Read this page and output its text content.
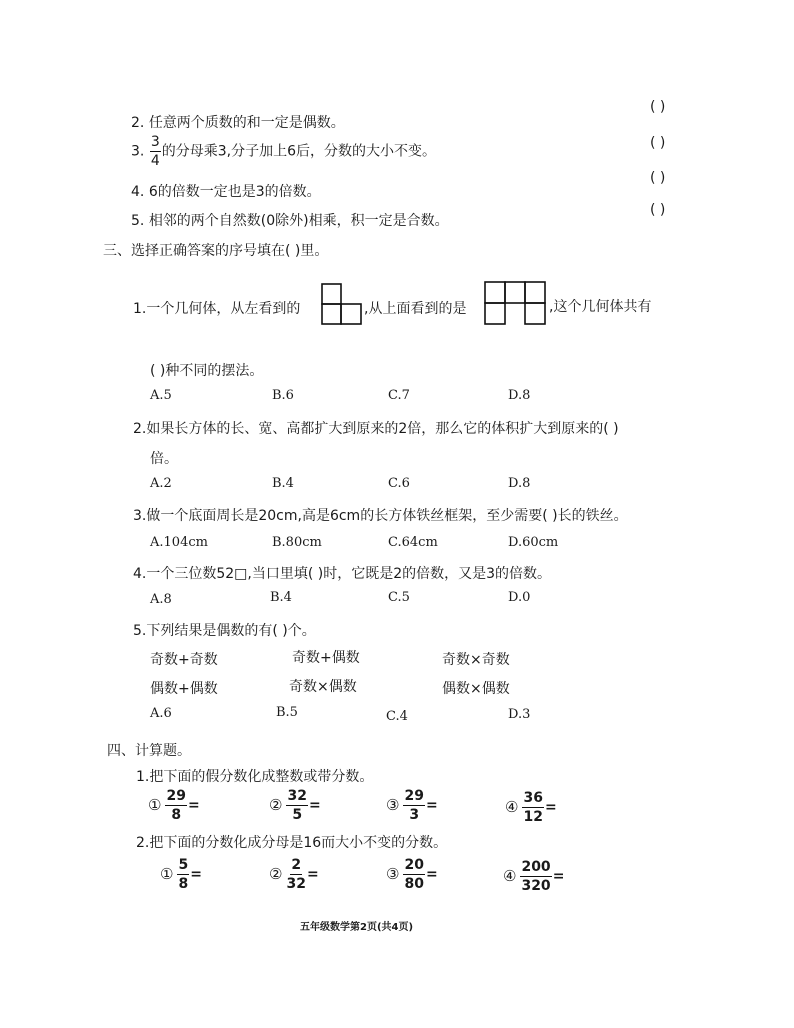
2. 任意两个质数的和一定是偶数。
( )
3. $\frac{3}{4}$ 的分母乘3,分子加上6后，分数的大小不变。
( )
4. 6的倍数一定也是3的倍数。
( )
5. 相邻的两个自然数(0除外)相乘，积一定是合数。
( )
三、选择正确答案的序号填在( )里。
1.一个几何体，从左看到的	,从上面看到的是	,这个几何体共有
( )种不同的摆法。
A.5	B.6	C.7	D.8
2.如果长方体的长、宽、高都扩大到原来的2倍，那么它的体积扩大到原来的( )
倍。
A.2	B.4	C.6	D.8
3.做一个底面周长是20cm,高是6cm的长方体铁丝框架，至少需要( )长的铁丝。
A.104cm	B.80cm	C.64cm	D.60cm
4.一个三位数52□,当口里填( )时，它既是2的倍数，又是3的倍数。
A.8	B.4	C.5	D.0
5.下列结果是偶数的有( )个。
奇数+奇数	奇数+偶数	奇数×奇数
偶数+偶数	奇数×偶数	偶数×偶数
A.6	B.5	C.4	D.3
四、计算题。
1.把下面的假分数化成整数或带分数。
① $\frac{29}{8}$ =	② $\frac{32}{5}$ =	③ $\frac{29}{3}$ =	④ $\frac{36}{12}$ =
2.把下面的分数化成分母是16而大小不变的分数。
① $\frac{5}{8}$ =	② $\frac{2}{32}$ =	③ $\frac{20}{80}$ =	④ $\frac{200}{320}$ =
五年级数学第2页(共4页)
